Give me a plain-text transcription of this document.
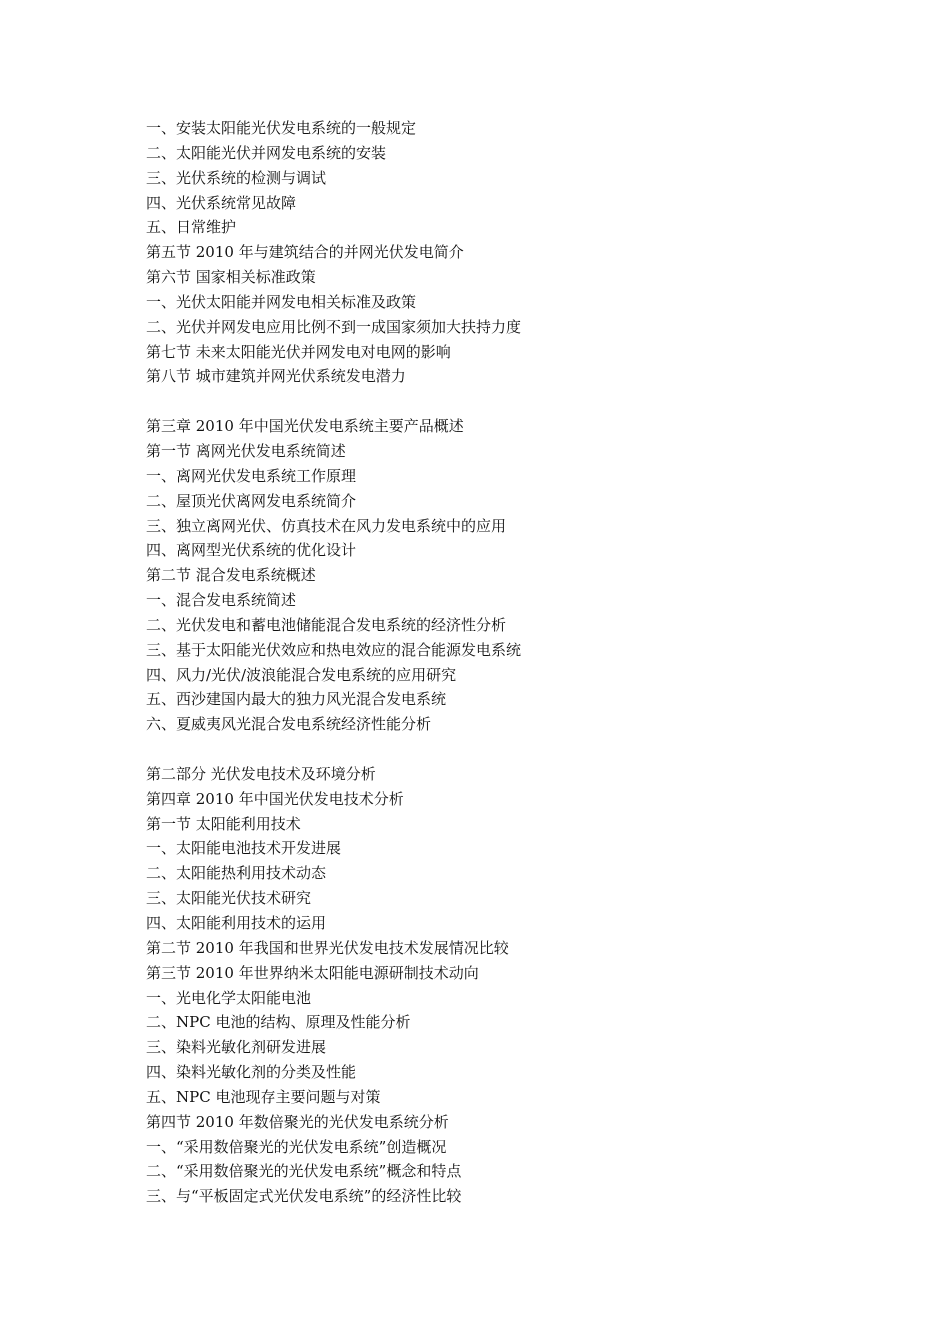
一、安装太阳能光伏发电系统的一般规定
二、太阳能光伏并网发电系统的安装
三、光伏系统的检测与调试
四、光伏系统常见故障
五、日常维护
第五节 2010 年与建筑结合的并网光伏发电简介
第六节 国家相关标准政策
一、光伏太阳能并网发电相关标准及政策
二、光伏并网发电应用比例不到一成国家须加大扶持力度
第七节 未来太阳能光伏并网发电对电网的影响
第八节 城市建筑并网光伏系统发电潜力
第三章 2010 年中国光伏发电系统主要产品概述
第一节 离网光伏发电系统简述
一、离网光伏发电系统工作原理
二、屋顶光伏离网发电系统简介
三、独立离网光伏、仿真技术在风力发电系统中的应用
四、离网型光伏系统的优化设计
第二节 混合发电系统概述
一、混合发电系统简述
二、光伏发电和蓄电池储能混合发电系统的经济性分析
三、基于太阳能光伏效应和热电效应的混合能源发电系统
四、风力/光伏/波浪能混合发电系统的应用研究
五、西沙建国内最大的独力风光混合发电系统
六、夏威夷风光混合发电系统经济性能分析
第二部分 光伏发电技术及环境分析
第四章 2010 年中国光伏发电技术分析
第一节 太阳能利用技术
一、太阳能电池技术开发进展
二、太阳能热利用技术动态
三、太阳能光伏技术研究
四、太阳能利用技术的运用
第二节 2010 年我国和世界光伏发电技术发展情况比较
第三节 2010 年世界纳米太阳能电源研制技术动向
一、光电化学太阳能电池
二、NPC 电池的结构、原理及性能分析
三、染料光敏化剂研发进展
四、染料光敏化剂的分类及性能
五、NPC 电池现存主要问题与对策
第四节 2010 年数倍聚光的光伏发电系统分析
一、“采用数倍聚光的光伏发电系统”创造概况
二、“采用数倍聚光的光伏发电系统”概念和特点
三、与“平板固定式光伏发电系统”的经济性比较
